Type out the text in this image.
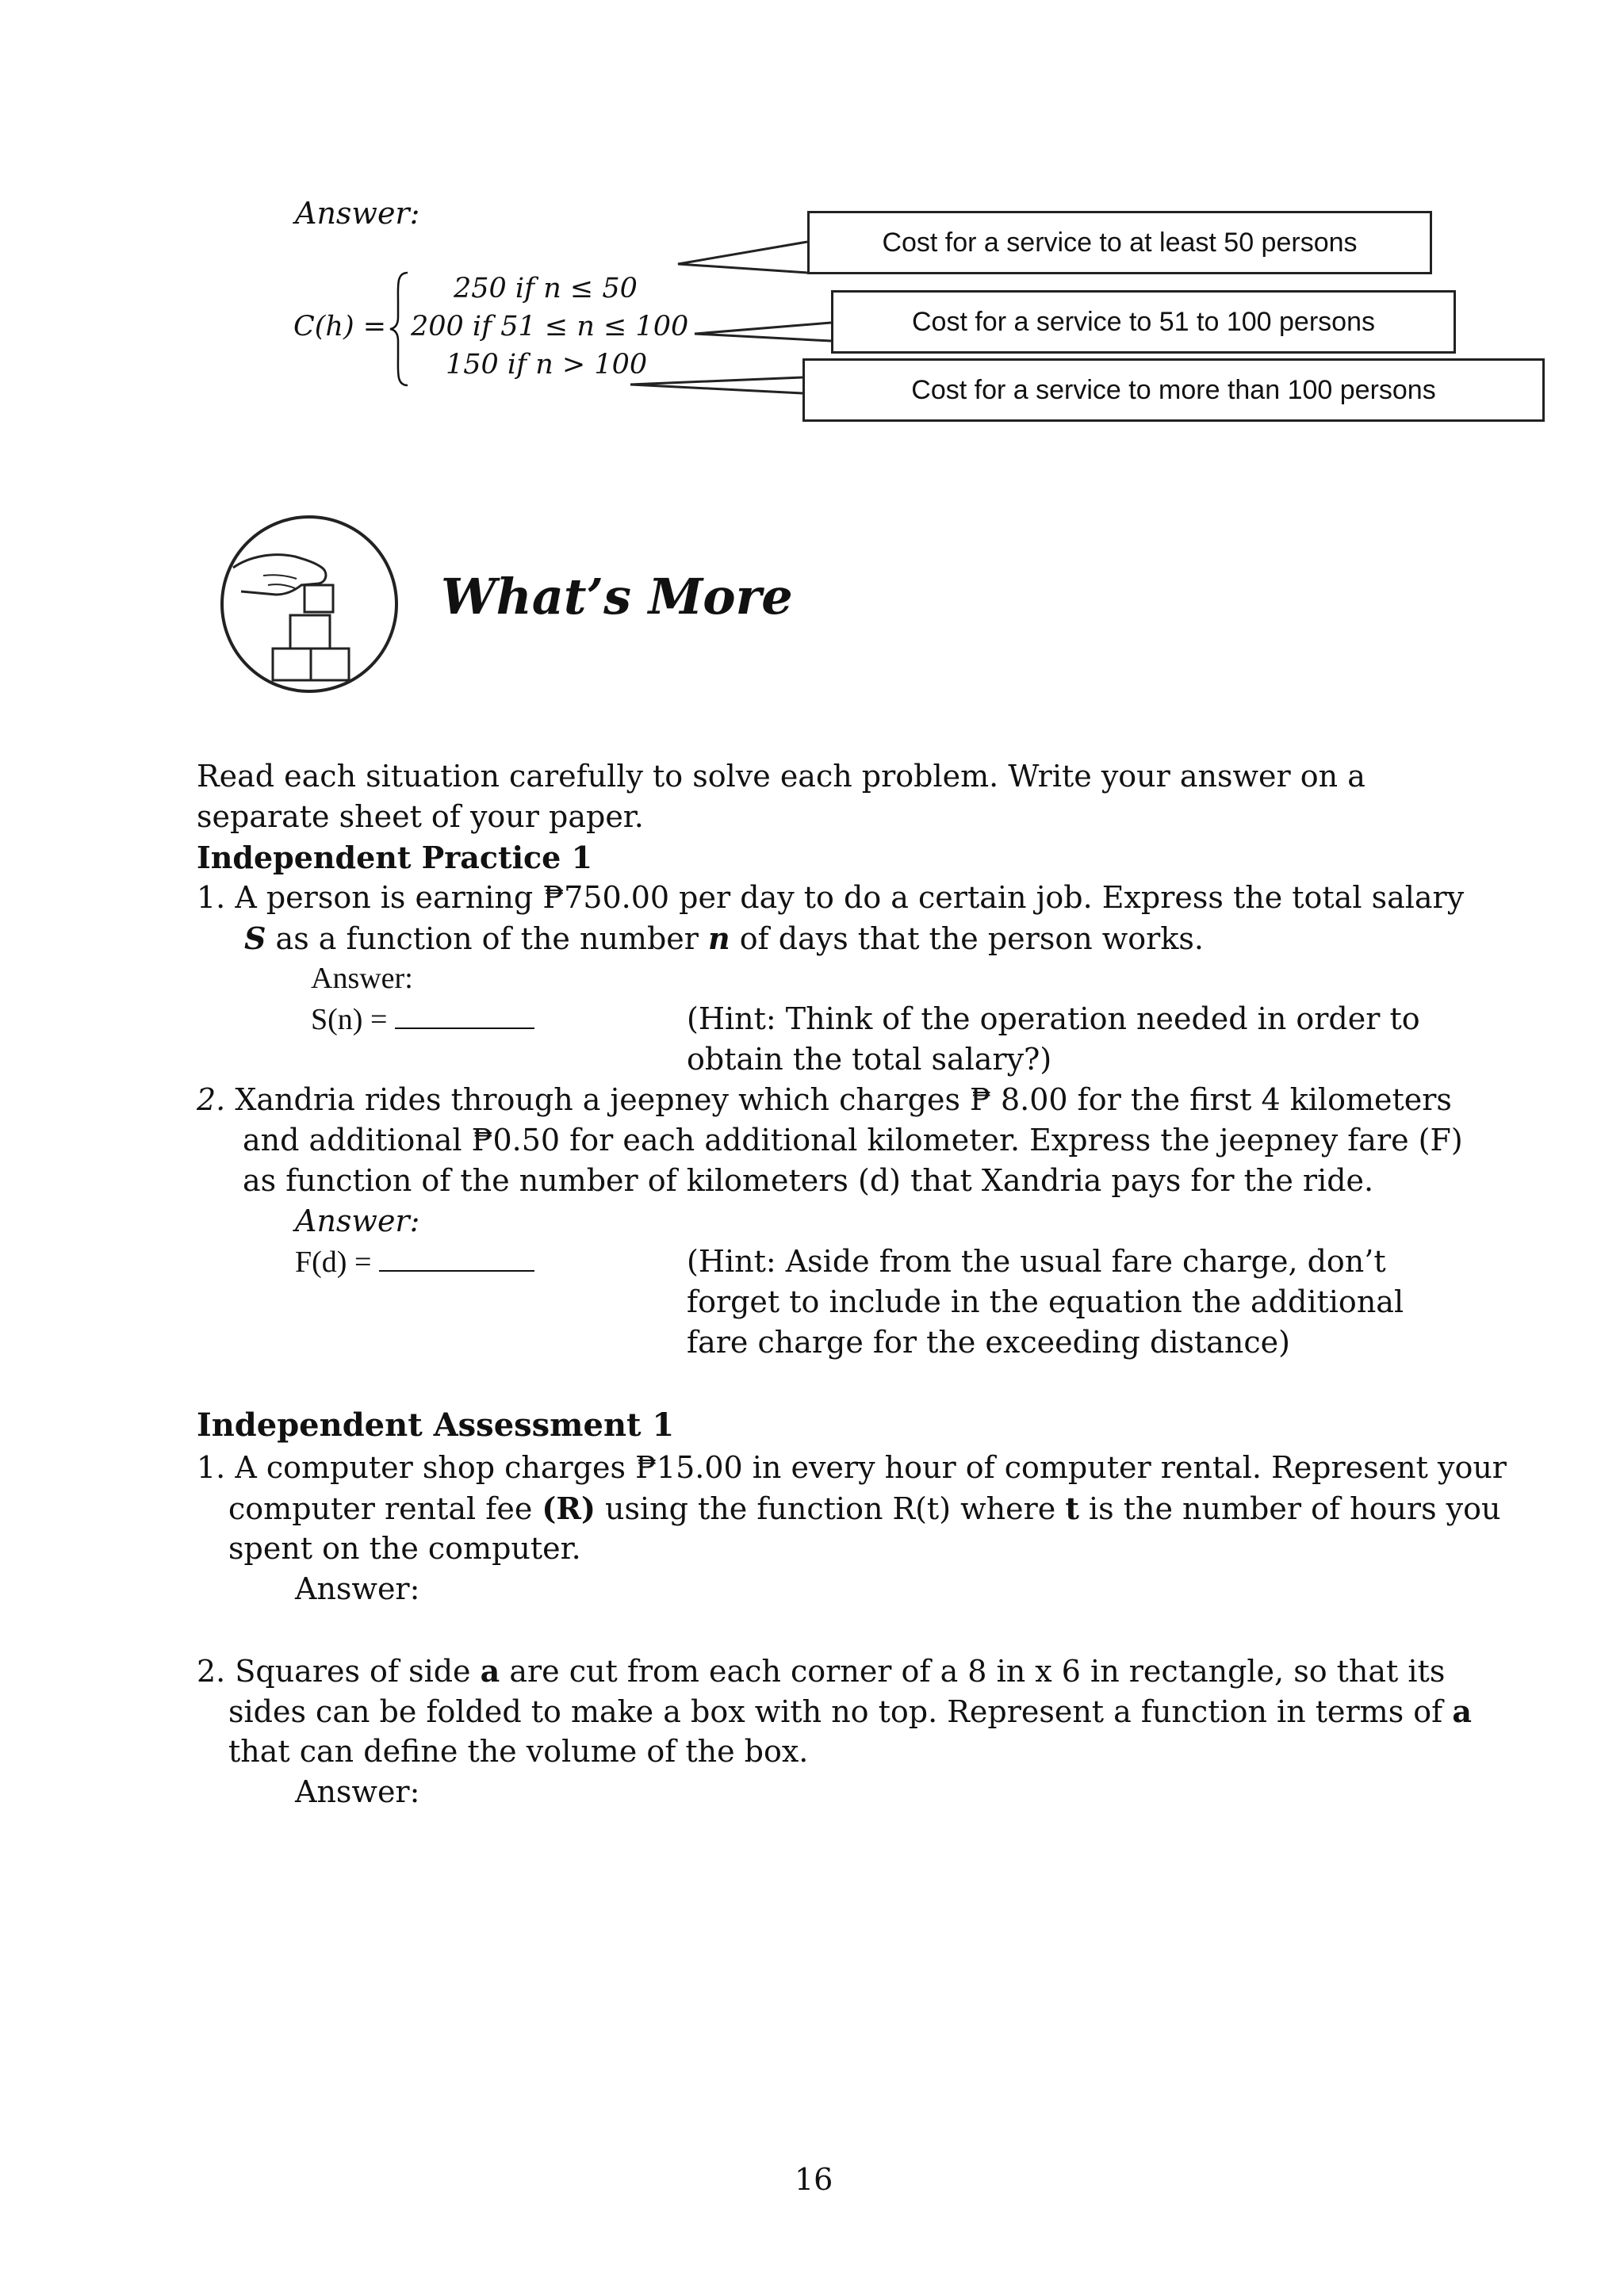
Answer:
C(h) =
250 if n ≤ 50
200 if 51 ≤ n ≤ 100
150 if n > 100
Cost for a service to at least 50 persons
Cost for a service to 51 to 100 persons
Cost for a service to more than 100 persons
What’s More
Read each situation carefully to solve each problem. Write your answer on a
separate sheet of your paper.
Independent Practice 1
1. A person is earning ₱750.00 per day to do a certain job. Express the total salary
S as a function of the number n of days that the person works.
Answer:
S(n) =	(Hint: Think of the operation needed in order to
obtain the total salary?)
2. Xandria rides through a jeepney which charges ₱ 8.00 for the first 4 kilometers
and additional ₱0.50 for each additional kilometer. Express the jeepney fare (F)
as function of the number of kilometers (d) that Xandria pays for the ride.
Answer:
F(d) =	(Hint: Aside from the usual fare charge, don’t
forget to include in the equation the additional
fare charge for the exceeding distance)
Independent Assessment 1
1. A computer shop charges ₱15.00 in every hour of computer rental. Represent your
computer rental fee (R) using the function R(t) where t is the number of hours you
spent on the computer.
Answer:
2. Squares of side a are cut from each corner of a 8 in x 6 in rectangle, so that its
sides can be folded to make a box with no top. Represent a function in terms of a
that can define the volume of the box.
Answer:
16
